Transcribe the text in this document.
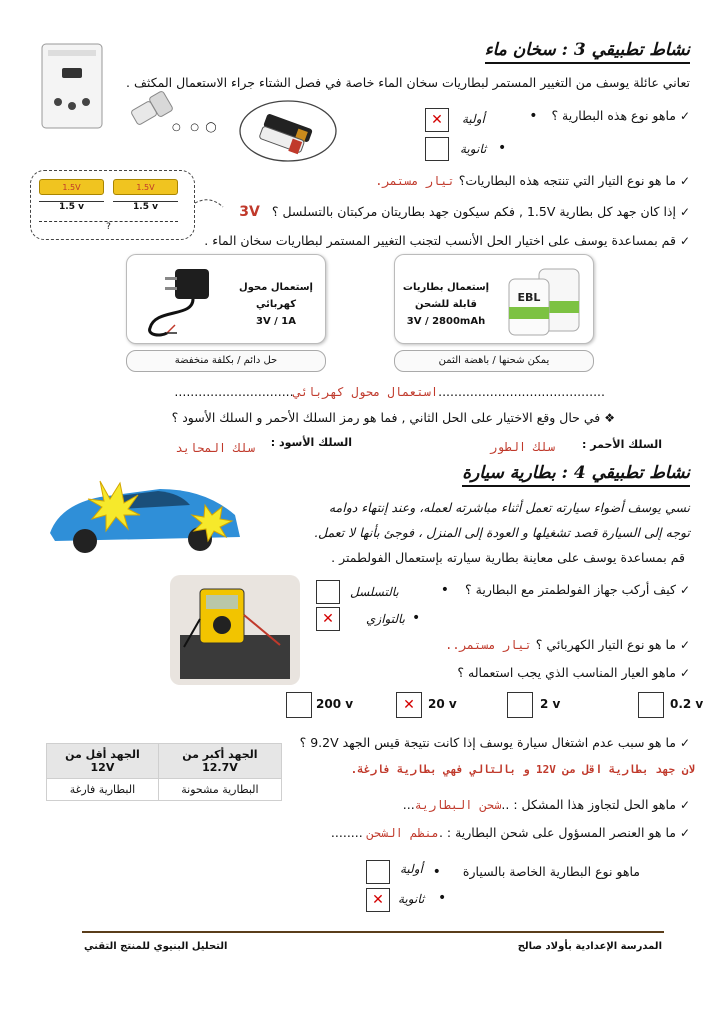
نشاط تطبيقي 3 : سخان ماء
○   ○  ◯
تعاني عائلة يوسف من التغيير المستمر لبطاريات سخان الماء خاصة في فصل الشتاء جراء الاستعمال المكثف .
✓ ماهو نوع هذه البطارية ؟ •
أولية
✕
ثانوية •
1.5V	1.5V
1.5 v	1.5 v
?
✓ ما هو نوع التيار التي تنتجه هذه البطاريات؟ تيار مستمر.
✓ إذا كان جهد كل بطارية 1.5V , فكم سيكون جهد بطاريتان مركبتان بالتسلسل ؟ 3V
✓ قم بمساعدة يوسف على اختيار الحل الأنسب لتجنب التغيير المستمر لبطاريات سخان الماء .
إستعمال محول
كهربائي
3V / 1A
إستعمال بطاريات
قابلة للشحن
3V / 2800mAh
EBL
حل دائم / بكلفة منخفضة	يمكن شحنها / باهضة الثمن
..........................................استعمال محول كهربائي..............................
❖ في حال وقع الاختيار على الحل الثاني , فما هو رمز السلك الأحمر و السلك الأسود ؟
السلك الأحمر :
سلك الطور
السلك الأسود :
سلك المحايد
نشاط تطبيقي 4 : بطارية سيارة
نسي يوسف أضواء سيارته تعمل أثناء مباشرته لعمله، وعند إنتهاء دوامه
توجه إلى السيارة قصد تشغيلها و العودة إلى المنزل ، فوجئ بأنها لا تعمل.
قم بمساعدة يوسف على معاينة بطارية سيارته بإستعمال الفولطمتر .
✓ كيف أركب جهاز الفولطمتر مع البطارية ؟ •
بالتسلسل
بالتوازي •
✕
✓ ما هو نوع التيار الكهربائي ؟ تيار مستمر..
✓ ماهو العيار المناسب الذي يجب استعماله ؟
200 v	20 v
✕	2 v	0.2 v
✓ ما هو سبب عدم اشتغال سيارة يوسف إذا كانت نتيجة قيس الجهد 9.2V ؟
لان جهد بطارية اقل من 12V و بالتالي فهي بطارية فارغة.
الجهد أكبر من 12.7V	الجهد أقل من 12V
البطارية مشحونة	البطارية فارغة
✓ ماهو الحل لتجاوز هذا المشكل : ..شحن البطارية...
✓ ما هو العنصر المسؤول على شحن البطارية : .منظم الشحن ........
ماهو نوع البطارية الخاصة بالسيارة •
أولية
ثانوية •
✕
المدرسة الإعدادية بأولاد صالح
التحليل البنيوي للمنتج التقني
